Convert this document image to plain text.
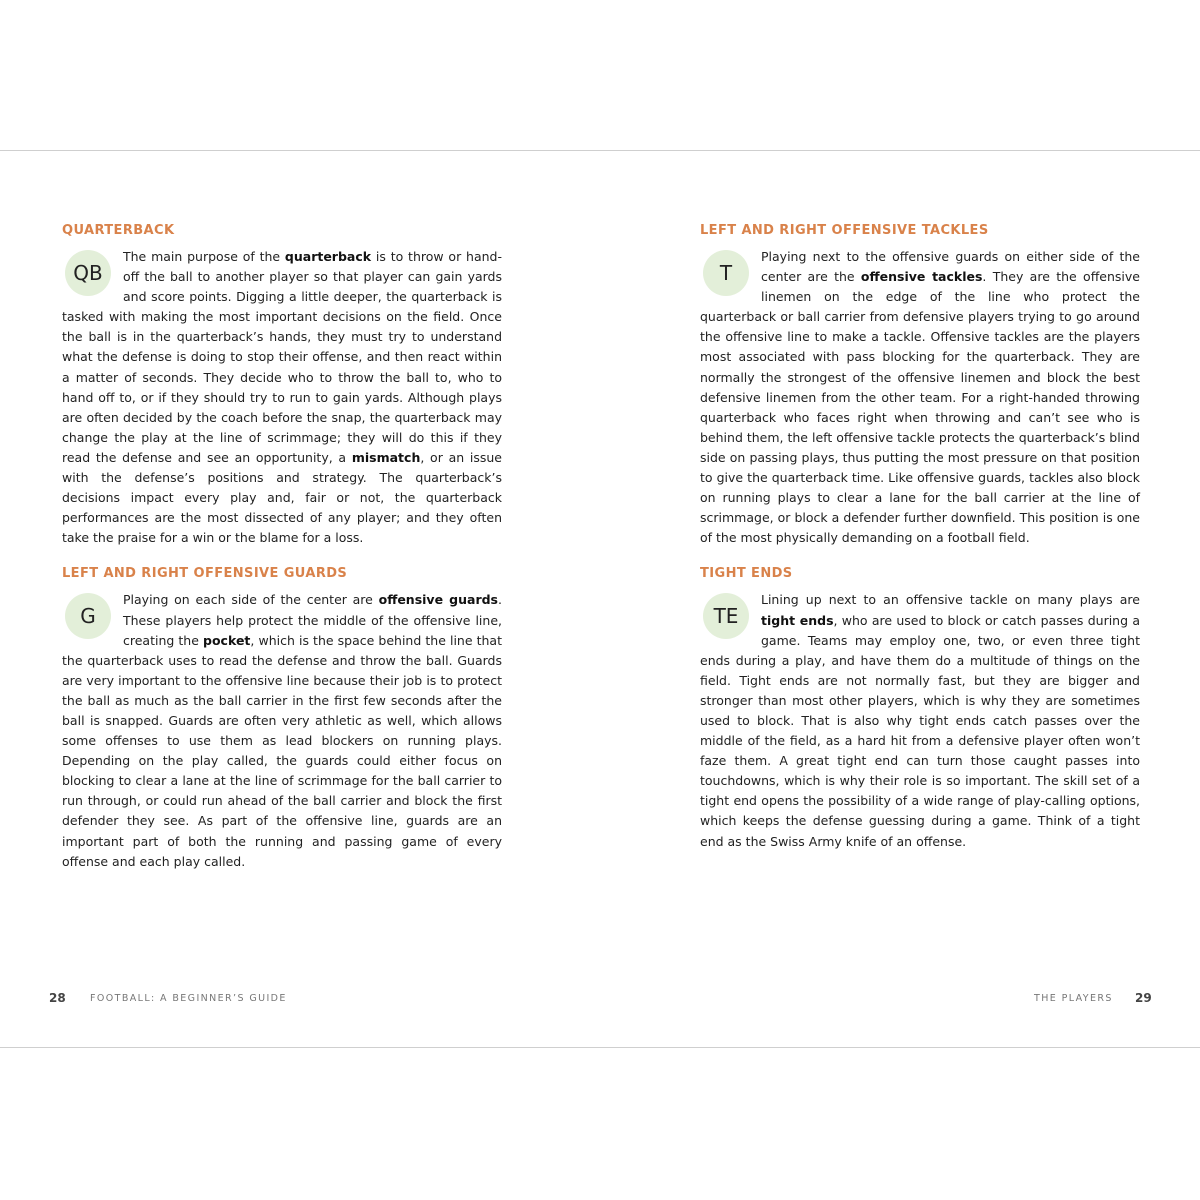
QUARTERBACK

QB
The main purpose of the quarterback is to throw or hand-off the ball to another player so that player can gain yards and score points. Digging a little deeper, the quarterback is tasked with making the most important decisions on the field. Once the ball is in the quarterback’s hands, they must try to understand what the defense is doing to stop their offense, and then react within a matter of seconds. They decide who to throw the ball to, who to hand off to, or if they should try to run to gain yards. Although plays are often decided by the coach before the snap, the quarterback may change the play at the line of scrimmage; they will do this if they read the defense and see an opportunity, a mismatch, or an issue with the defense’s positions and strategy. The quarterback’s decisions impact every play and, fair or not, the quarterback performances are the most dissected of any player; and they often take the praise for a win or the blame for a loss.

LEFT AND RIGHT OFFENSIVE GUARDS

G
Playing on each side of the center are offensive guards. These players help protect the middle of the offensive line, creating the pocket, which is the space behind the line that the quarterback uses to read the defense and throw the ball. Guards are very important to the offensive line because their job is to protect the ball as much as the ball carrier in the first few seconds after the ball is snapped. Guards are often very athletic as well, which allows some offenses to use them as lead blockers on running plays. Depending on the play called, the guards could either focus on blocking to clear a lane at the line of scrimmage for the ball carrier to run through, or could run ahead of the ball carrier and block the first defender they see. As part of the offensive line, guards are an important part of both the running and passing game of every offense and each play called.

LEFT AND RIGHT OFFENSIVE TACKLES

T
Playing next to the offensive guards on either side of the center are the offensive tackles. They are the offensive linemen on the edge of the line who protect the quarterback or ball carrier from defensive players trying to go around the offensive line to make a tackle. Offensive tackles are the players most associated with pass blocking for the quarterback. They are normally the strongest of the offensive linemen and block the best defensive linemen from the other team. For a right-handed throwing quarterback who faces right when throwing and can’t see who is behind them, the left offensive tackle protects the quarterback’s blind side on passing plays, thus putting the most pressure on that position to give the quarterback time. Like offensive guards, tackles also block on running plays to clear a lane for the ball carrier at the line of scrimmage, or block a defender further downfield. This position is one of the most physically demanding on a football field.

TIGHT ENDS

TE
Lining up next to an offensive tackle on many plays are tight ends, who are used to block or catch passes during a game. Teams may employ one, two, or even three tight ends during a play, and have them do a multitude of things on the field. Tight ends are not normally fast, but they are bigger and stronger than most other players, which is why they are sometimes used to block. That is also why tight ends catch passes over the middle of the field, as a hard hit from a defensive player often won’t faze them. A great tight end can turn those caught passes into touchdowns, which is why their role is so important. The skill set of a tight end opens the possibility of a wide range of play-calling options, which keeps the defense guessing during a game. Think of a tight end as the Swiss Army knife of an offense.

28	FOOTBALL: A BEGINNER’S GUIDE	THE PLAYERS 29
